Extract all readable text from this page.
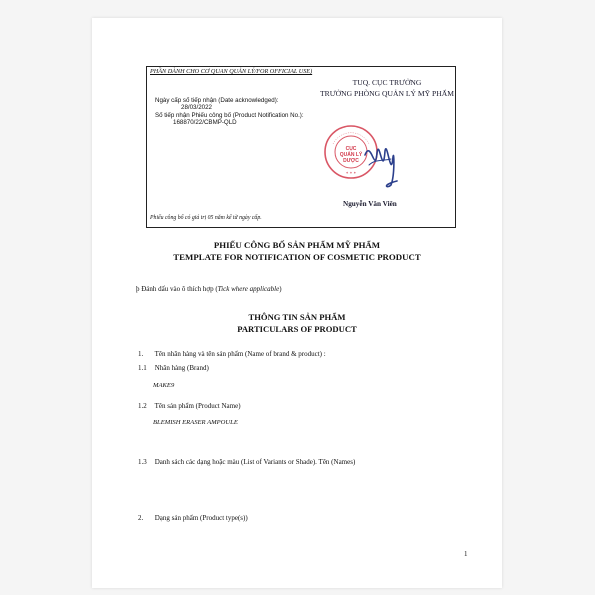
PHẦN DÀNH CHO CƠ QUAN QUẢN LÝ/FOR OFFICIAL USE)
Ngày cấp số tiếp nhận (Date acknowledged):
28/03/2022
Số tiếp nhận Phiếu công bố (Product Notification No.):
168870/22/CBMP-QLD
TUQ. CỤC TRƯỞNG
TRƯỞNG PHÒNG QUẢN LÝ MỸ PHẨM
CỤC
QUẢN LÝ
DƯỢC
✶ ✶ ✶
Nguyễn Văn Viên
Phiếu công bố có giá trị 05 năm kể từ ngày cấp.
PHIẾU CÔNG BỐ SẢN PHẨM MỸ PHẨM
TEMPLATE FOR NOTIFICATION OF COSMETIC PRODUCT
þ Đánh dấu vào ô thích hợp (Tick where applicable)
THÔNG TIN SẢN PHẨM
PARTICULARS OF PRODUCT
1. Tên nhãn hàng và tên sản phẩm (Name of brand & product) :
1.1 Nhãn hàng (Brand)
MAKE9
1.2 Tên sản phẩm (Product Name)
BLEMISH ERASER AMPOULE
1.3 Danh sách các dạng hoặc màu (List of Variants or Shade). Tên (Names)
2. Dạng sản phẩm (Product type(s))
1
